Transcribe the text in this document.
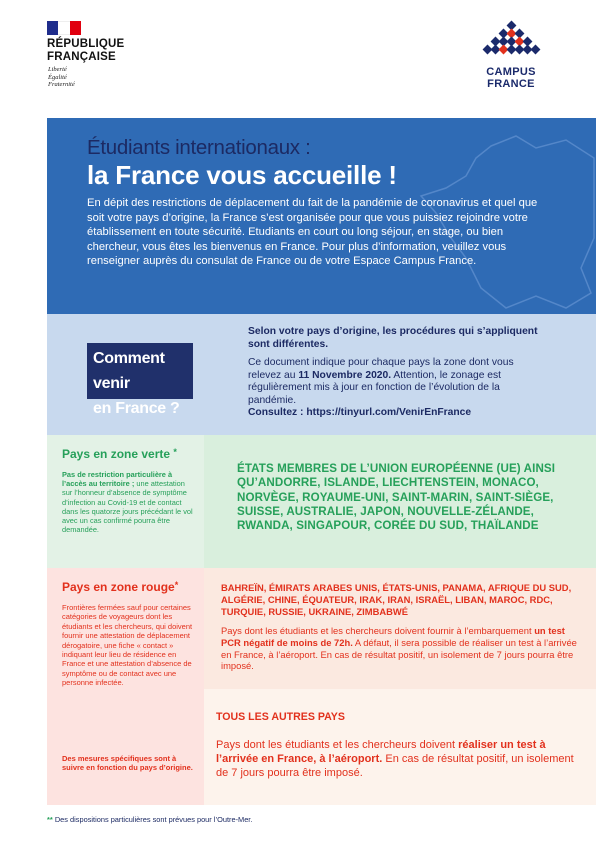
RÉPUBLIQUE
FRANÇAISE
Liberté
Égalité
Fraternité
CAMPUS
FRANCE
Étudiants internationaux :
la France vous accueille !
En dépit des restrictions de déplacement du fait de la pandémie de coronavirus et quel que soit votre pays d’origine, la France s’est organisée pour que vous puissiez rejoindre votre établissement en toute sécurité. Etudiants en court ou long séjour, en stage, ou bien chercheur, vous êtes les bienvenus en France. Pour plus d’information, veuillez vous renseigner auprès du consulat de France ou de votre Espace Campus France.
Comment venir
en France ?
Selon votre pays d’origine, les procédures qui s’appliquent sont différentes.
Ce document indique pour chaque pays la zone dont vous relevez au 11 Novembre 2020. Attention, le zonage est régulièrement mis à jour en fonction de l’évolution de la pandémie.
Consultez : https://tinyurl.com/VenirEnFrance
Pays en zone verte *
Pas de restriction particulière à l’accès au territoire ; une attestation sur l’honneur d’absence de symptôme d’infection au Covid-19 et de contact dans les quatorze jours précédant le vol avec un cas confirmé pourra être demandée.
ÉTATS MEMBRES DE L’UNION EUROPÉENNE (UE) AINSI QU’ANDORRE, ISLANDE, LIECHTENSTEIN, MONACO, NORVÈGE, ROYAUME-UNI, SAINT-MARIN, SAINT-SIÈGE, SUISSE, AUSTRALIE, JAPON, NOUVELLE-ZÉLANDE, RWANDA, SINGAPOUR, CORÉE DU SUD, THAÏLANDE
Pays en zone rouge*
Frontières fermées sauf pour certaines catégories de voyageurs dont les étudiants et les chercheurs, qui doivent fournir une attestation de déplacement dérogatoire, une fiche « contact » indiquant leur lieu de résidence en France et une attestation d’absence de symptôme ou de contact avec une personne infectée.
Des mesures spécifiques sont à suivre en fonction du pays d’origine.
BAHREÏN, ÉMIRATS ARABES UNIS, ÉTATS-UNIS, PANAMA, AFRIQUE DU SUD, ALGÉRIE, CHINE, ÉQUATEUR, IRAK, IRAN, ISRAËL, LIBAN, MAROC, RDC, TURQUIE, RUSSIE, UKRAINE, ZIMBABWÉ
Pays dont les étudiants et les chercheurs doivent fournir à l’embarquement un test PCR négatif de moins de 72h. A défaut, il sera possible de réaliser un test à l’arrivée en France, à l’aéroport. En cas de résultat positif, un isolement de 7 jours pourra être imposé.
TOUS LES AUTRES PAYS
Pays dont les étudiants et les chercheurs doivent réaliser un test à l’arrivée en France, à l’aéroport. En cas de résultat positif, un isolement de 7 jours pourra être imposé.
** Des dispositions particulières sont prévues pour l’Outre-Mer.
